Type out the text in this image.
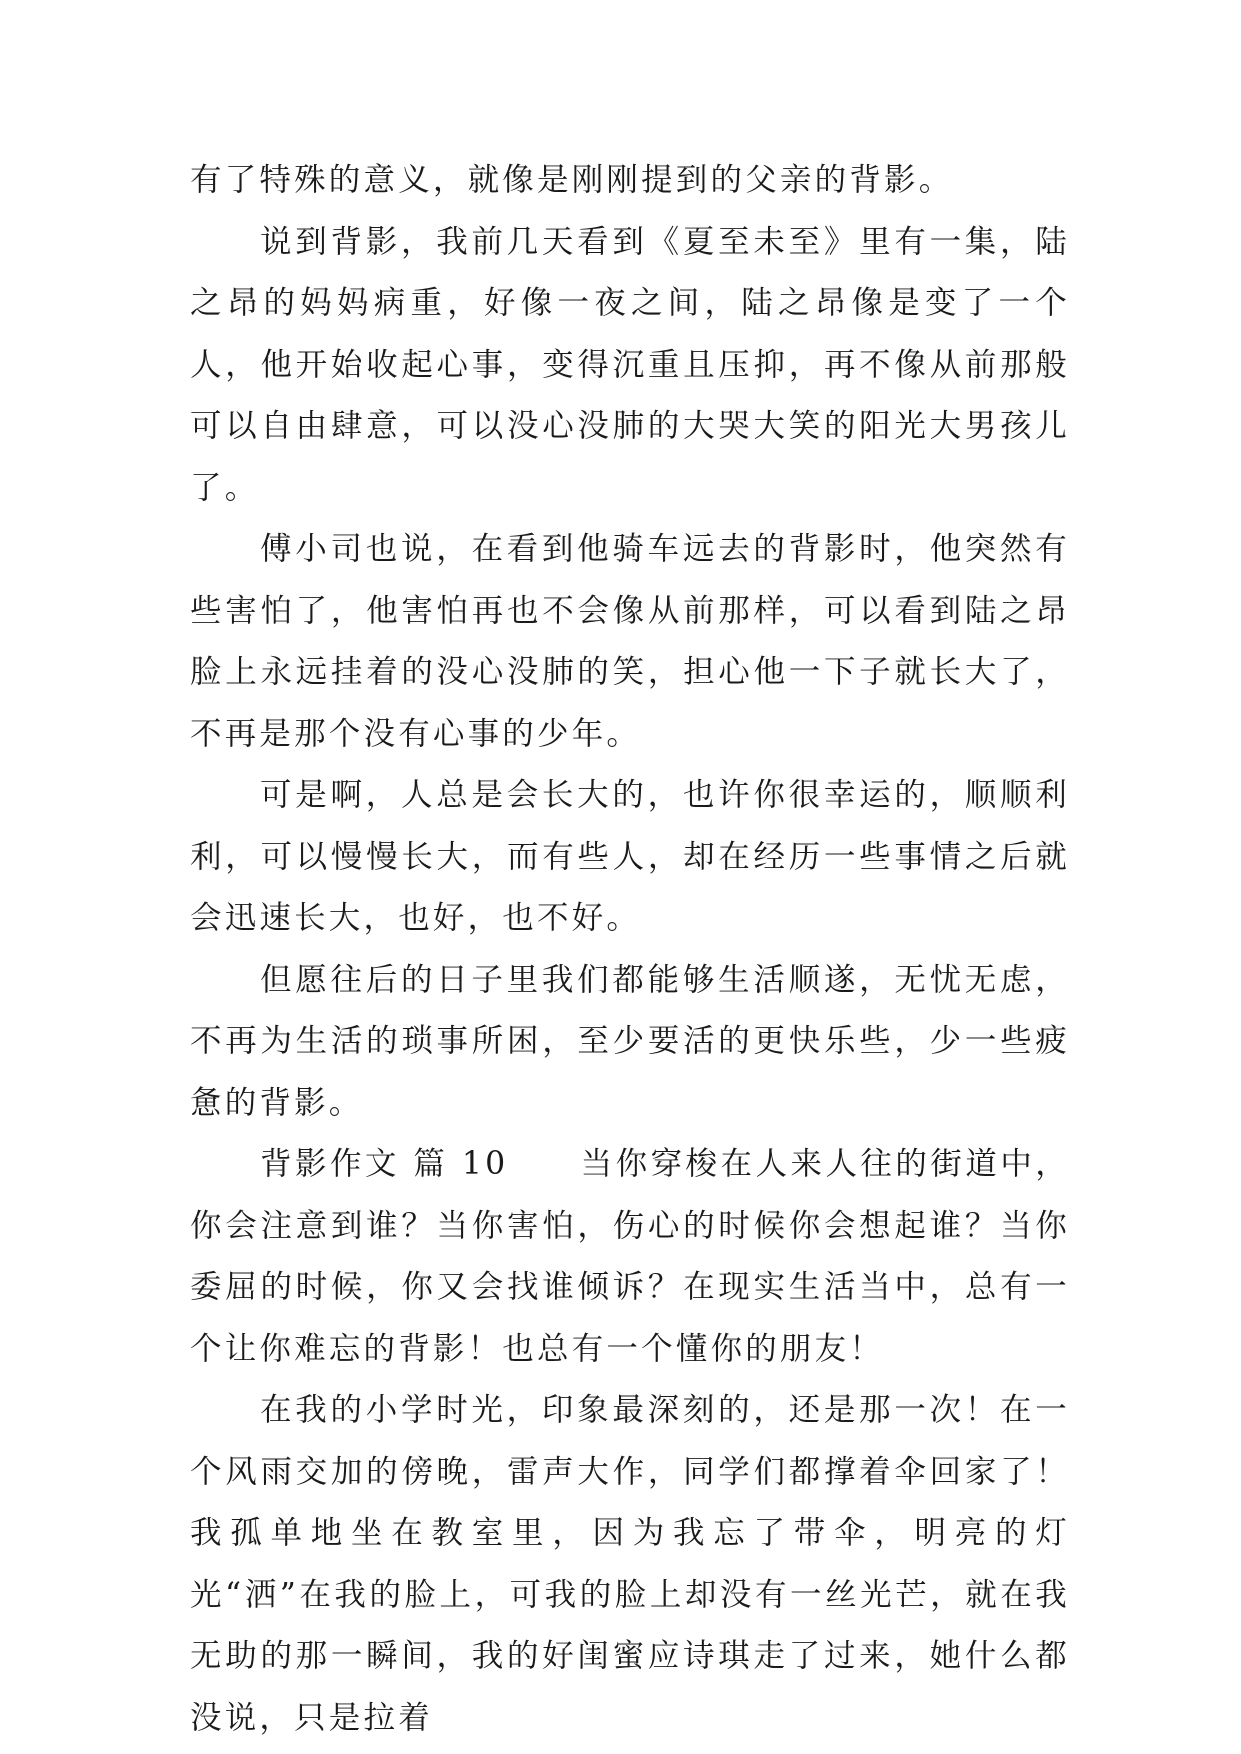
有了特殊的意义，就像是刚刚提到的父亲的背影。

说到背影，我前几天看到《夏至未至》里有一集，陆之昂的妈妈病重，好像一夜之间，陆之昂像是变了一个人，他开始收起心事，变得沉重且压抑，再不像从前那般可以自由肆意，可以没心没肺的大哭大笑的阳光大男孩儿了。

傅小司也说，在看到他骑车远去的背影时，他突然有些害怕了，他害怕再也不会像从前那样，可以看到陆之昂脸上永远挂着的没心没肺的笑，担心他一下子就长大了，不再是那个没有心事的少年。

可是啊，人总是会长大的，也许你很幸运的，顺顺利利，可以慢慢长大，而有些人，却在经历一些事情之后就会迅速长大，也好，也不好。

但愿往后的日子里我们都能够生活顺遂，无忧无虑，不再为生活的琐事所困，至少要活的更快乐些，少一些疲惫的背影。

背影作文 篇 10 当你穿梭在人来人往的街道中，你会注意到谁？当你害怕，伤心的时候你会想起谁？当你委屈的时候，你又会找谁倾诉？在现实生活当中，总有一个让你难忘的背影！也总有一个懂你的朋友！

在我的小学时光，印象最深刻的，还是那一次！在一个风雨交加的傍晚，雷声大作，同学们都撑着伞回家了！我孤单地坐在教室里，因为我忘了带伞，明亮的灯光“洒”在我的脸上，可我的脸上却没有一丝光芒，就在我无助的那一瞬间，我的好闺蜜应诗琪走了过来，她什么都没说，只是拉着
